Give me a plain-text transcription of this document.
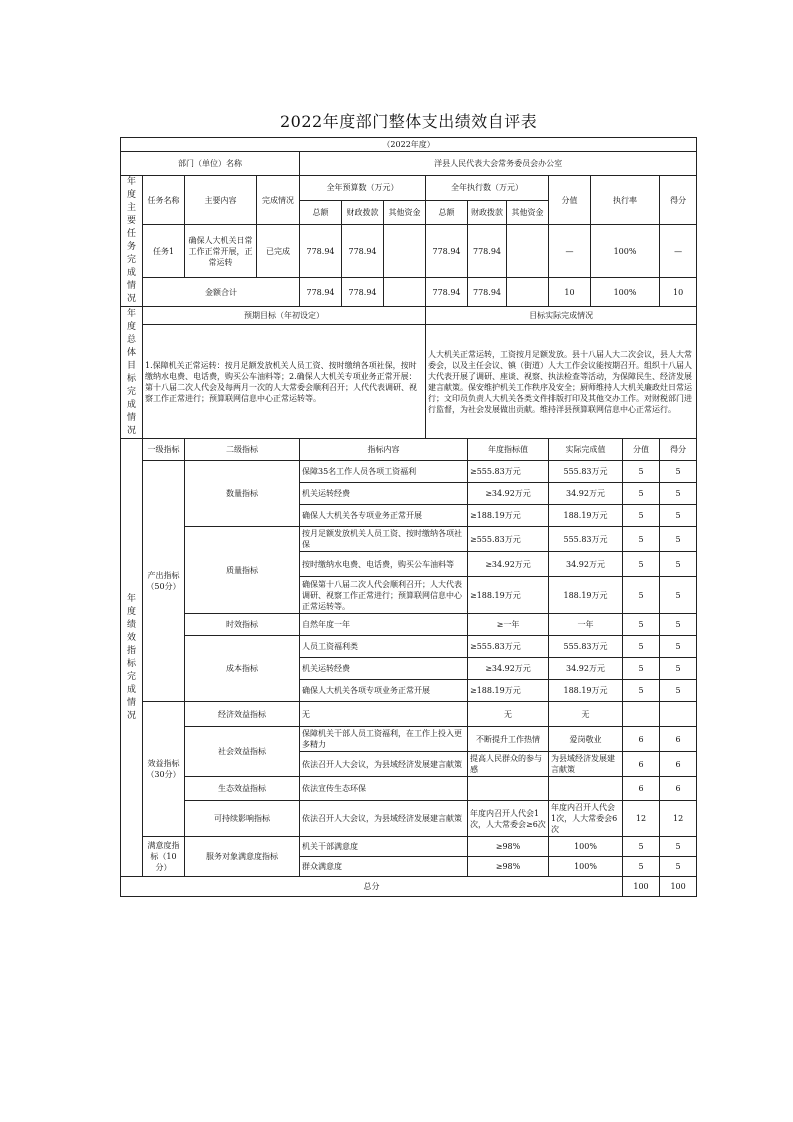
2022年度部门整体支出绩效自评表													
（2022年度）													
部门（单位）名称				洋县人民代表大会常务委员会办公室									
年度主要任务完成情况	任务名称	主要内容	完成情况	全年预算数（万元）			全年执行数（万元）			分值	执行率		得分
				总额	财政拨款	其他资金	总额	财政拨款	其他资金				
	任务1	确保人大机关日常工作正常开展，正常运转	已完成	778.94	778.94		778.94	778.94		—	100%		—
	金额合计			778.94	778.94		778.94	778.94		10	100%		10
年度总体目标完成情况	预期目标（年初设定）						目标实际完成情况						
	1.保障机关正常运转：按月足额发放机关人员工资、按时缴纳各项社保，按时缴纳水电费、电话费，购买公车油料等；2.确保人大机关专项业务正常开展：第十八届二次人代会及每两月一次的人大常委会顺利召开；人代代表调研、视察工作正常进行；预算联网信息中心正常运转等。						人大机关正常运转，工资按月足额发放。县十八届人大二次会议，县人大常委会，以及主任会议、镇（街道）人大工作会议能按期召开。组织十八届人大代表开展了调研、座谈、视察、执法检查等活动，为保障民生、经济发展建言献策。保安维护机关工作秩序及安全；厨师维持人大机关廉政灶日常运行；文印员负责人大机关各类文件排版打印及其他交办工作。对财税部门进行监督，为社会发展做出贡献。维持洋县预算联网信息中心正常运行。						
年度绩效指标完成情况	一级指标	二级指标		指标内容				年度指标值		实际完成值		分值	得分
	产出指标（50分）	数量指标		保障35名工作人员各项工资福利				≥555.83万元		555.83万元		5	5
				机关运转经费				≥34.92万元		34.92万元		5	5
				确保人大机关各专项业务正常开展				≥188.19万元		188.19万元		5	5
		质量指标		按月足额发放机关人员工资、按时缴纳各项社保				≥555.83万元		555.83万元		5	5
				按时缴纳水电费、电话费，购买公车油料等				≥34.92万元		34.92万元		5	5
				确保第十八届二次人代会顺利召开；人大代表调研、视察工作正常进行；预算联网信息中心正常运转等。				≥188.19万元		188.19万元		5	5
		时效指标		自然年度一年				≥一年		一年		5	5
		成本指标		人员工资福利类				≥555.83万元		555.83万元		5	5
				机关运转经费				≥34.92万元		34.92万元		5	5
				确保人大机关各项专项业务正常开展				≥188.19万元		188.19万元		5	5
	效益指标（30分）	经济效益指标		无				无		无			
		社会效益指标		保障机关干部人员工资福利，在工作上投入更多精力				不断提升工作热情		爱岗敬业		6	6
				依法召开人大会议，为县域经济发展建言献策				提高人民群众的参与感		为县域经济发展建言献策		6	6
		生态效益指标		依法宣传生态环保								6	6
		可持续影响指标		依法召开人大会议，为县域经济发展建言献策				年度内召开人代会1次，人大常委会≥6次		年度内召开人代会1次，人大常委会6次		12	12
	满意度指标（10分）	服务对象满意度指标		机关干部满意度				≥98%		100%		5	5
				群众满意度				≥98%		100%		5	5
总分												100	100
